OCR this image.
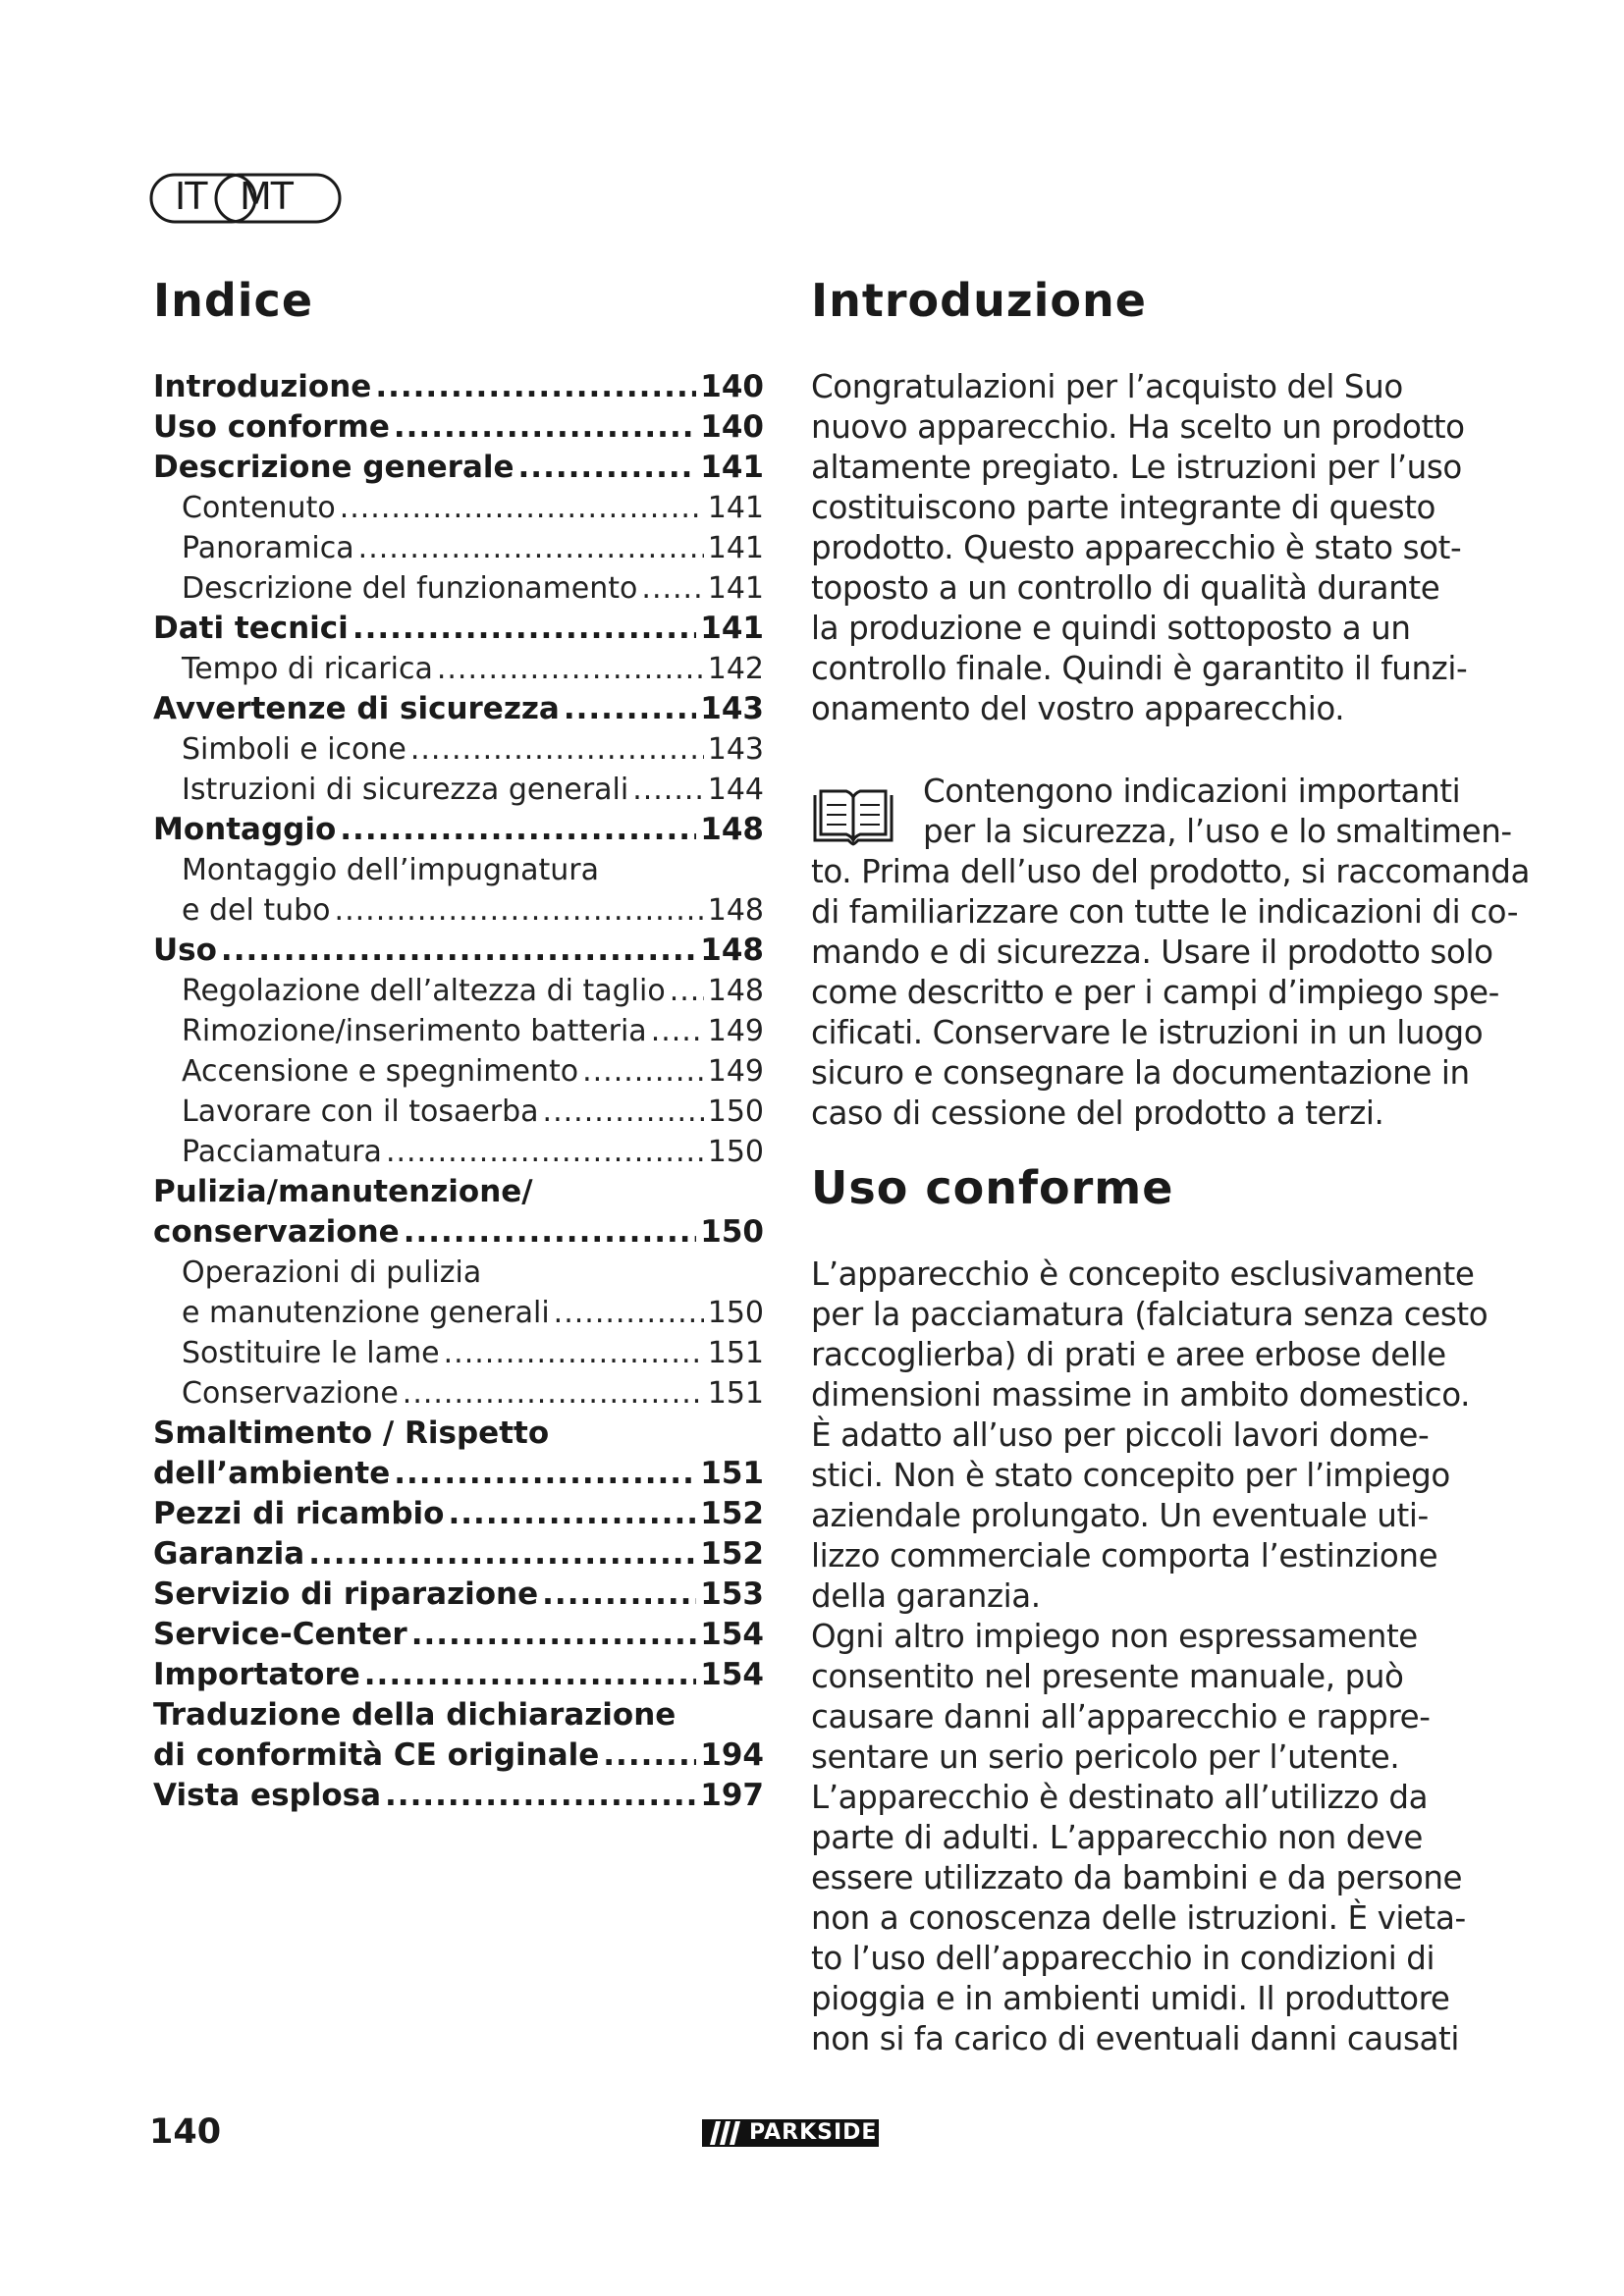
IT MT
Indice
Introduzione .....	140
Uso conforme .....	140
Descrizione generale .....	141
Contenuto .....	141
Panoramica .....	141
Descrizione del funzionamento ..... 141
Dati tecnici .....	141
Tempo di ricarica .....	142
Avvertenze di sicurezza .....	143
Simboli e icone .....	143
Istruzioni di sicurezza generali .....	144
Montaggio .....	148
Montaggio dell’impugnatura
e del tubo .....	148
Uso .....	148
Regolazione dell’altezza di taglio ..... 148
Rimozione/inserimento batteria ..... 149
Accensione e spegnimento .....	149
Lavorare con il tosaerba .....	150
Pacciamatura .....	150
Pulizia/manutenzione/
conservazione .....	150
Operazioni di pulizia
e manutenzione generali .....	150
Sostituire le lame .....	151
Conservazione .....	151
Smaltimento / Rispetto
dell’ambiente .....	151
Pezzi di ricambio .....	152
Garanzia .....	152
Servizio di riparazione .....	153
Service-Center .....	154
Importatore .....	154
Traduzione della dichiarazione
di conformità CE originale .....	194
Vista esplosa .....	197
Introduzione
Congratulazioni per l’acquisto del Suo
nuovo apparecchio. Ha scelto un prodotto
altamente pregiato. Le istruzioni per l’uso
costituiscono parte integrante di questo
prodotto. Questo apparecchio è stato sot-
toposto a un controllo di qualità durante
la produzione e quindi sottoposto a un
controllo finale. Quindi è garantito il funzi-
onamento del vostro apparecchio.
Contengono indicazioni importanti
per la sicurezza, l’uso e lo smaltimen-
to. Prima dell’uso del prodotto, si raccomanda
di familiarizzare con tutte le indicazioni di co-
mando e di sicurezza. Usare il prodotto solo
come descritto e per i campi d’impiego spe-
cificati. Conservare le istruzioni in un luogo
sicuro e consegnare la documentazione in
caso di cessione del prodotto a terzi.
Uso conforme
L’apparecchio è concepito esclusivamente
per la pacciamatura (falciatura senza cesto
raccoglierba) di prati e aree erbose delle
dimensioni massime in ambito domestico.
È adatto all’uso per piccoli lavori dome-
stici. Non è stato concepito per l’impiego
aziendale prolungato. Un eventuale uti-
lizzo commerciale comporta l’estinzione
della garanzia.
Ogni altro impiego non espressamente
consentito nel presente manuale, può
causare danni all’apparecchio e rappre-
sentare un serio pericolo per l’utente.
L’apparecchio è destinato all’utilizzo da
parte di adulti. L’apparecchio non deve
essere utilizzato da bambini e da persone
non a conoscenza delle istruzioni. È vieta-
to l’uso dell’apparecchio in condizioni di
pioggia e in ambienti umidi. Il produttore
non si fa carico di eventuali danni causati
140	PARKSIDE
